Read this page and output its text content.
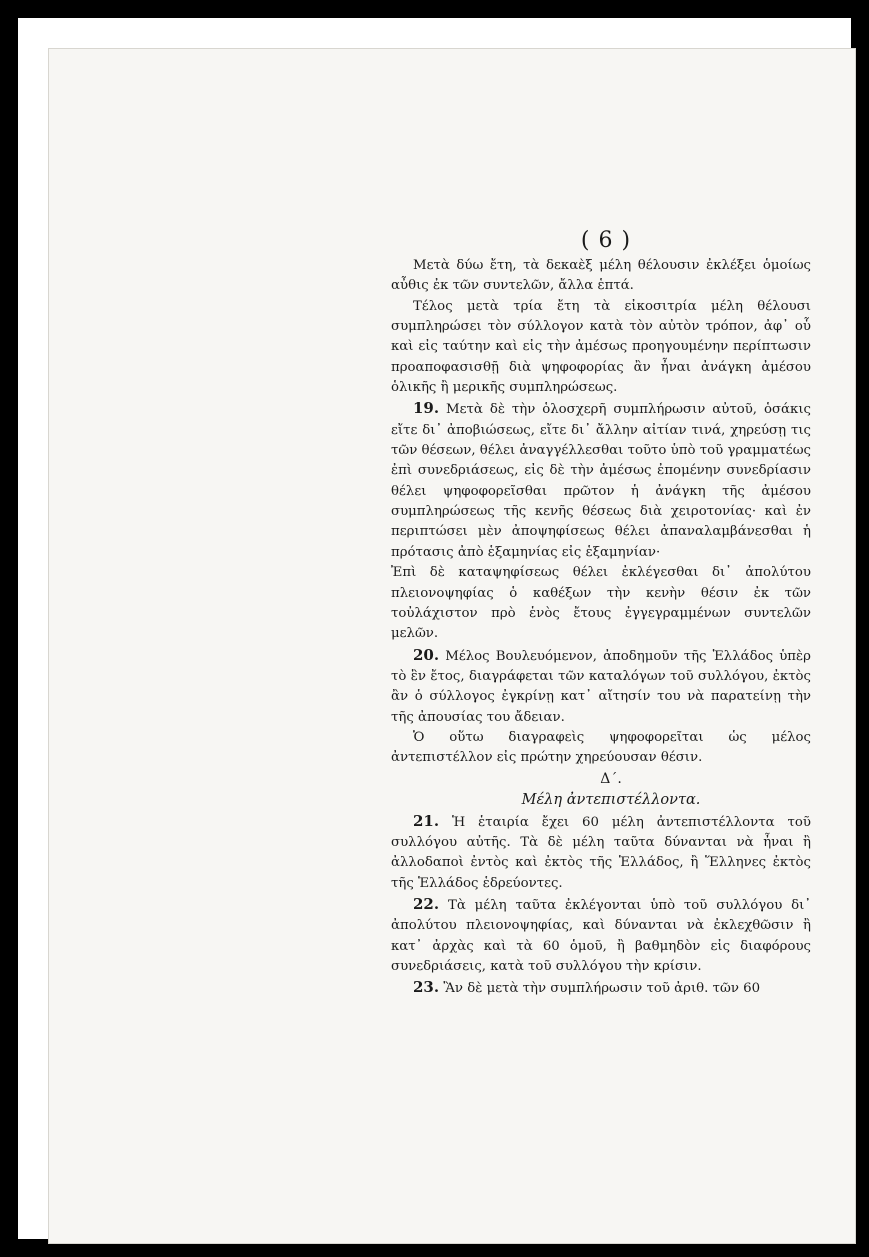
( 6 )

Μετὰ δύω ἔτη, τὰ δεκαὲξ μέλη θέλουσιν ἐκλέξει ὁμοίως αὖθις ἐκ τῶν συντελῶν, ἄλλα ἑπτά.

Τέλος μετὰ τρία ἔτη τὰ εἰκοσιτρία μέλη θέλουσι συμπληρώσει τὸν σύλλογον κατὰ τὸν αὐτὸν τρόπον, ἀφ᾽ οὗ καὶ εἰς ταύτην καὶ εἰς τὴν ἀμέσως προηγουμένην περίπτωσιν προαποφασισθῇ διὰ ψηφοφορίας ἂν ἦναι ἀνάγκη ἀμέσου ὁλικῆς ἢ μερικῆς συμπληρώσεως.

19. Μετὰ δὲ τὴν ὁλοσχερῆ συμπλήρωσιν αὐτοῦ, ὁσάκις εἴτε δι᾽ ἀποβιώσεως, εἴτε δι᾽ ἄλλην αἰτίαν τινά, χηρεύσῃ τις τῶν θέσεων, θέλει ἀναγγέλλεσθαι τοῦτο ὑπὸ τοῦ γραμματέως ἐπὶ συνεδριάσεως, εἰς δὲ τὴν ἀμέσως ἐπομένην συνεδρίασιν θέλει ψηφοφορεῖσθαι πρῶτον ἡ ἀνάγκη τῆς ἀμέσου συμπληρώσεως τῆς κενῆς θέσεως διὰ χειροτονίας· καὶ ἐν περιπτώσει μὲν ἀποψηφίσεως θέλει ἀπαναλαμβάνεσθαι ἡ πρότασις ἀπὸ ἑξαμηνίας εἰς ἑξαμηνίαν·

Ἐπὶ δὲ καταψηφίσεως θέλει ἐκλέγεσθαι δι᾽ ἀπολύτου πλειονοψηφίας ὁ καθέξων τὴν κενὴν θέσιν ἐκ τῶν τοὐλάχιστον πρὸ ἑνὸς ἔτους ἐγγεγραμμένων συντελῶν μελῶν.

20. Μέλος Βουλευόμενον, ἀποδημοῦν τῆς Ἑλλάδος ὑπὲρ τὸ ἓν ἔτος, διαγράφεται τῶν καταλόγων τοῦ συλλόγου, ἐκτὸς ἂν ὁ σύλλογος ἐγκρίνῃ κατ᾽ αἴτησίν του νὰ παρατείνῃ τὴν τῆς ἀπουσίας του ἄδειαν.

Ὁ οὕτω διαγραφεὶς ψηφοφορεῖται ὡς μέλος ἀντεπιστέλλον εἰς πρώτην χηρεύουσαν θέσιν.

Δ΄.

Μέλη ἀντεπιστέλλοντα.

21. Ἡ ἑταιρία ἔχει 60 μέλη ἀντεπιστέλλοντα τοῦ συλλόγου αὐτῆς. Τὰ δὲ μέλη ταῦτα δύνανται νὰ ἦναι ἢ ἀλλοδαποὶ ἐντὸς καὶ ἐκτὸς τῆς Ἑλλάδος, ἢ Ἕλληνες ἐκτὸς τῆς Ἑλλάδος ἑδρεύοντες.

22. Τὰ μέλη ταῦτα ἐκλέγονται ὑπὸ τοῦ συλλόγου δι᾽ ἀπολύτου πλειονοψηφίας, καὶ δύνανται νὰ ἐκλεχθῶσιν ἢ κατ᾽ ἀρχὰς καὶ τὰ 60 ὁμοῦ, ἢ βαθμηδὸν εἰς διαφόρους συνεδριάσεις, κατὰ τοῦ συλλόγου τὴν κρίσιν.

23. Ἂν δὲ μετὰ τὴν συμπλήρωσιν τοῦ ἀριθ. τῶν 60
